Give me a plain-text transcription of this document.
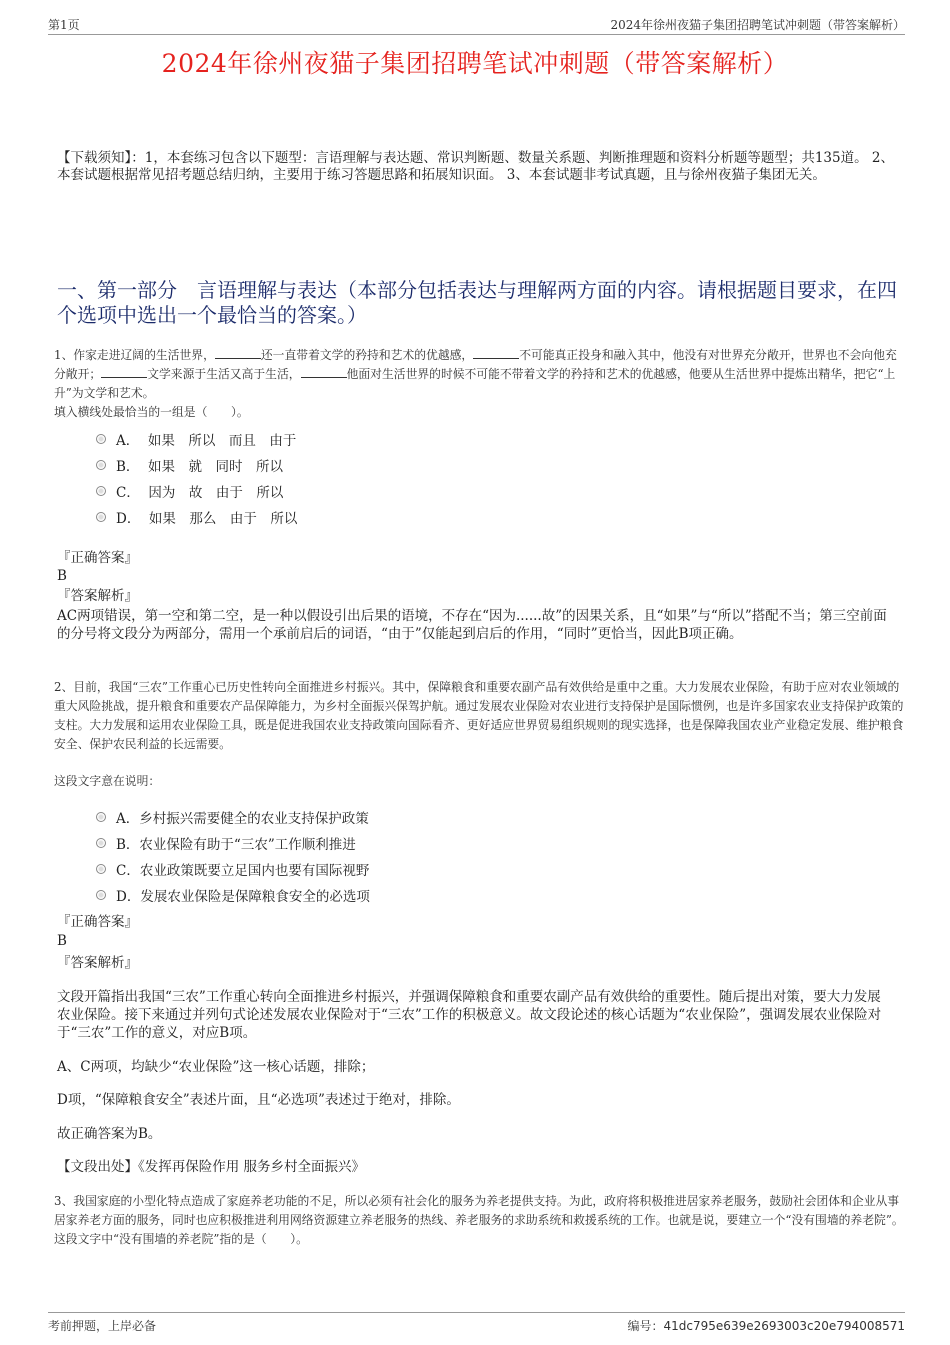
第1页	2024年徐州夜猫子集团招聘笔试冲刺题（带答案解析）
2024年徐州夜猫子集团招聘笔试冲刺题（带答案解析）
【下载须知】：1，本套练习包含以下题型：言语理解与表达题、常识判断题、数量关系题、判断推理题和资料分析题等题型；共135道。 2、本套试题根据常见招考题总结归纳，主要用于练习答题思路和拓展知识面。 3、本套试题非考试真题，且与徐州夜猫子集团无关。
一、第一部分　言语理解与表达（本部分包括表达与理解两方面的内容。请根据题目要求，在四个选项中选出一个最恰当的答案。）
1、作家走进辽阔的生活世界，	还一直带着文学的矜持和艺术的优越感，	不可能真正投身和融入其中，他没有对世界充分敞开，世界也不会向他充分敞开；	文学来源于生活又高于生活，	他面对生活世界的时候不可能不带着文学的矜持和艺术的优越感，他要从生活世界中提炼出精华，把它“上升”为文学和艺术。
填入横线处最恰当的一组是（　　）。
A．  如果　所以　而且　由于
B．  如果　就　同时　所以
C．  因为　故　由于　所以
D．  如果　那么　由于　所以
『正确答案』
B
『答案解析』
AC两项错误，第一空和第二空，是一种以假设引出后果的语境，不存在“因为......故”的因果关系，且“如果”与“所以”搭配不当；第三空前面的分号将文段分为两部分，需用一个承前启后的词语，“由于”仅能起到启后的作用，“同时”更恰当，因此B项正确。
2、目前，我国“三农”工作重心已历史性转向全面推进乡村振兴。其中，保障粮食和重要农副产品有效供给是重中之重。大力发展农业保险，有助于应对农业领域的重大风险挑战，提升粮食和重要农产品保障能力，为乡村全面振兴保驾护航。通过发展农业保险对农业进行支持保护是国际惯例，也是许多国家农业支持保护政策的支柱。大力发展和运用农业保险工具，既是促进我国农业支持政策向国际看齐、更好适应世界贸易组织规则的现实选择，也是保障我国农业产业稳定发展、维护粮食安全、保护农民利益的长远需要。
这段文字意在说明：
A．乡村振兴需要健全的农业支持保护政策
B．农业保险有助于“三农”工作顺利推进
C．农业政策既要立足国内也要有国际视野
D．发展农业保险是保障粮食安全的必选项
『正确答案』
B
『答案解析』
文段开篇指出我国“三农”工作重心转向全面推进乡村振兴，并强调保障粮食和重要农副产品有效供给的重要性。随后提出对策，要大力发展农业保险。接下来通过并列句式论述发展农业保险对于“三农”工作的积极意义。故文段论述的核心话题为“农业保险”，强调发展农业保险对于“三农”工作的意义，对应B项。
A、C两项，均缺少“农业保险”这一核心话题，排除；
D项，“保障粮食安全”表述片面，且“必选项”表述过于绝对，排除。
故正确答案为B。
【文段出处】《发挥再保险作用 服务乡村全面振兴》
3、我国家庭的小型化特点造成了家庭养老功能的不足，所以必须有社会化的服务为养老提供支持。为此，政府将积极推进居家养老服务，鼓励社会团体和企业从事居家养老方面的服务，同时也应积极推进利用网络资源建立养老服务的热线、养老服务的求助系统和救援系统的工作。也就是说，要建立一个“没有围墙的养老院”。
这段文字中“没有围墙的养老院”指的是（　　）。
考前押题，上岸必备	编号：41dc795e639e2693003c20e794008571
